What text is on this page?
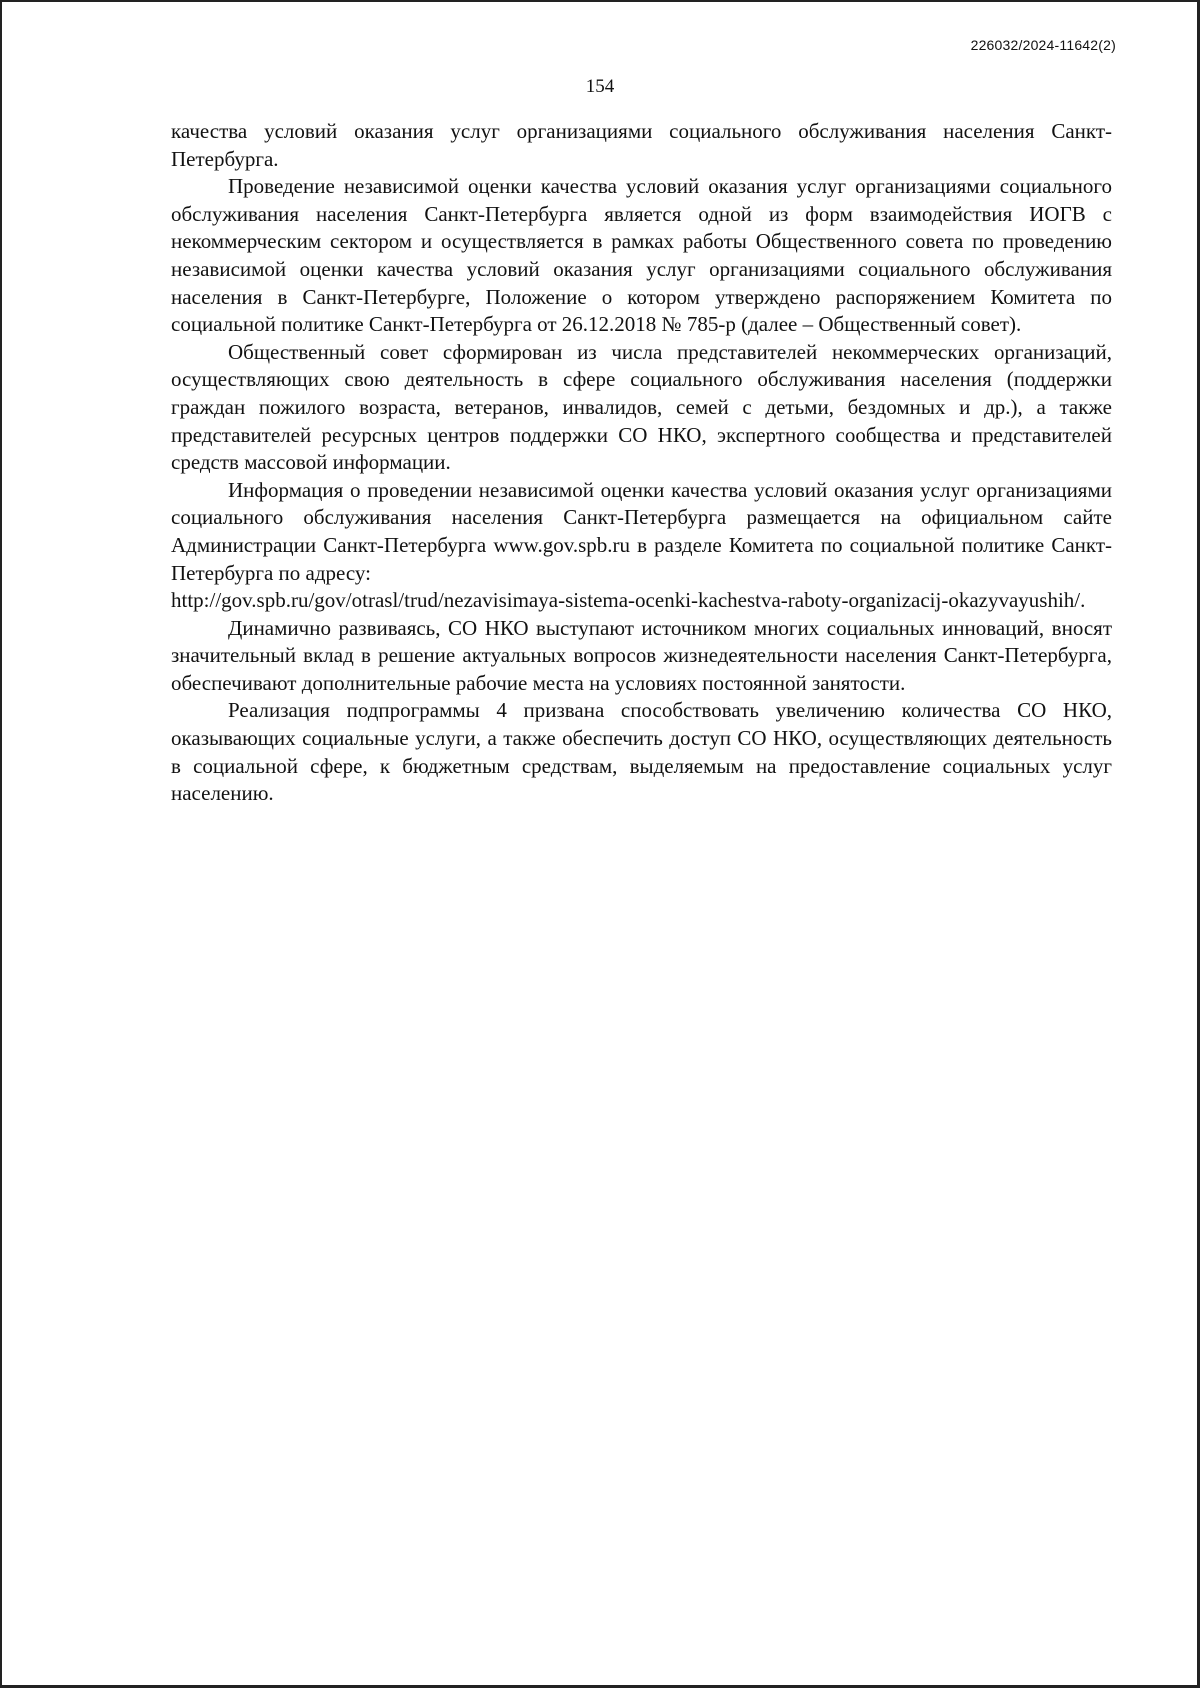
226032/2024-11642(2)
154

качества условий оказания услуг организациями социального обслуживания населения Санкт-Петербурга.

Проведение независимой оценки качества условий оказания услуг организациями социального обслуживания населения Санкт-Петербурга является одной из форм взаимодействия ИОГВ с некоммерческим сектором и осуществляется в рамках работы Общественного совета по проведению независимой оценки качества условий оказания услуг организациями социального обслуживания населения в Санкт-Петербурге, Положение о котором утверждено распоряжением Комитета по социальной политике Санкт-Петербурга от 26.12.2018 № 785-р (далее – Общественный совет).

Общественный совет сформирован из числа представителей некоммерческих организаций, осуществляющих свою деятельность в сфере социального обслуживания населения (поддержки граждан пожилого возраста, ветеранов, инвалидов, семей с детьми, бездомных и др.), а также представителей ресурсных центров поддержки СО НКО, экспертного сообщества и представителей средств массовой информации.

Информация о проведении независимой оценки качества условий оказания услуг организациями социального обслуживания населения Санкт-Петербурга размещается на официальном сайте Администрации Санкт-Петербурга www.gov.spb.ru в разделе Комитета по социальной политике Санкт-Петербурга по адресу:

http://gov.spb.ru/gov/otrasl/trud/nezavisimaya-sistema-ocenki-kachestva-raboty-organizacij-okazyvayushih/.

Динамично развиваясь, СО НКО выступают источником многих социальных инноваций, вносят значительный вклад в решение актуальных вопросов жизнедеятельности населения Санкт-Петербурга, обеспечивают дополнительные рабочие места на условиях постоянной занятости.

Реализация подпрограммы 4 призвана способствовать увеличению количества СО НКО, оказывающих социальные услуги, а также обеспечить доступ СО НКО, осуществляющих деятельность в социальной сфере, к бюджетным средствам, выделяемым на предоставление социальных услуг населению.
